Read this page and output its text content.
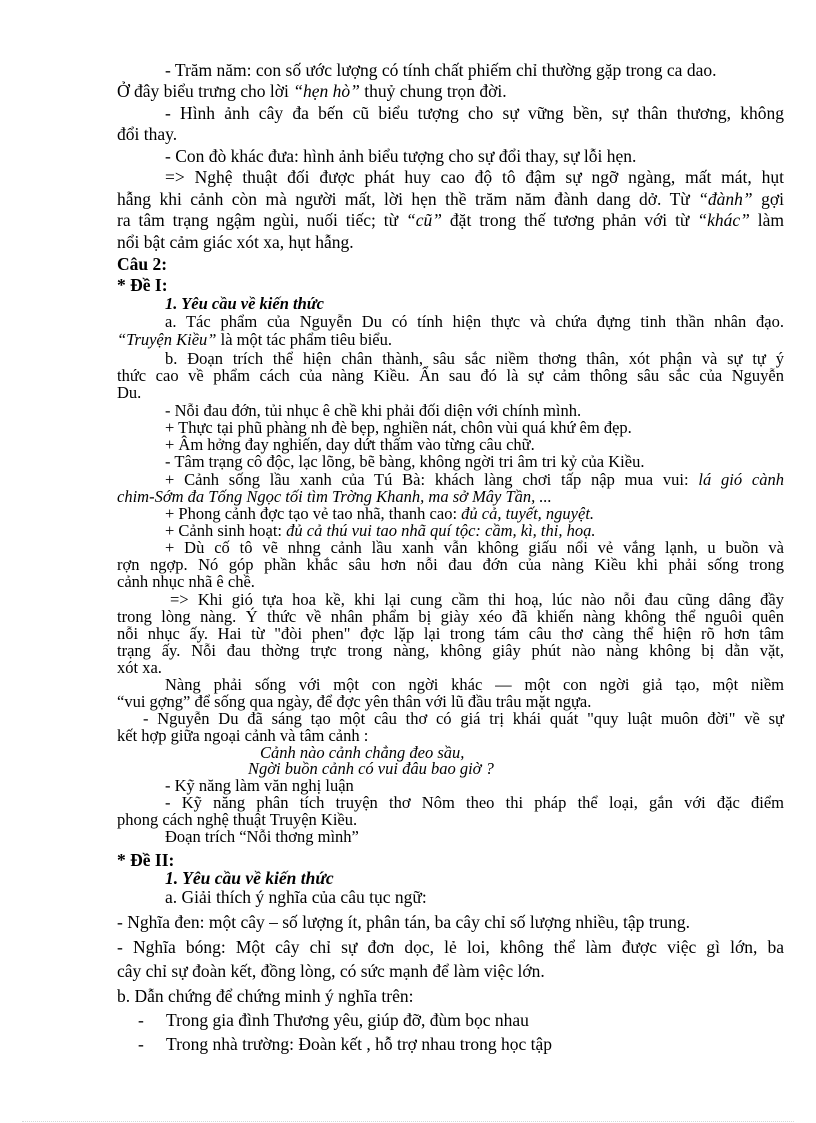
- Trăm năm: con số ước lượng có tính chất phiếm chỉ thường gặp trong ca dao.
Ở đây biểu trưng cho lời “hẹn hò” thuỷ chung trọn đời.
- Hình ảnh cây đa bến cũ biểu tượng cho sự vững bền, sự thân thương, không
đổi thay.
- Con đò khác đưa: hình ảnh biểu tượng cho sự đổi thay, sự lỗi hẹn.
=> Nghệ thuật đối được phát huy cao độ tô đậm sự ngỡ ngàng, mất mát, hụt
hẫng khi cảnh còn mà người mất, lời hẹn thề trăm năm đành dang dở. Từ “đành” gợi
ra tâm trạng ngậm ngùi, nuối tiếc; từ “cũ” đặt trong thế tương phản với từ “khác” làm
nổi bật cảm giác xót xa, hụt hẫng.
Câu 2:
* Đề I:
1. Yêu cầu về kiến thức
a. Tác phẩm của Nguyễn Du có tính hiện thực và chứa đựng tinh thần nhân đạo.
“Truyện Kiều” là một tác phẩm tiêu biểu.
b. Đoạn trích thể hiện chân thành, sâu sắc niềm thơng thân, xót phận và sự tự ý
thức cao về phẩm cách của nàng Kiều. Ẩn sau đó là sự cảm thông sâu sắc của Nguyễn
Du.
- Nỗi đau đớn, tủi nhục ê chề khi phải đối diện với chính mình.
+ Thực tại phũ phàng nh đè bẹp, nghiền nát, chôn vùi quá khứ êm đẹp.
+ Âm hởng đay nghiến, day dứt thấm vào từng câu chữ.
- Tâm trạng cô độc, lạc lõng, bẽ bàng, không ngời tri âm tri kỷ của Kiều.
+ Cảnh sống lầu xanh của Tú Bà: khách làng chơi tấp nập mua vui: lá gió cành
chim-Sớm đa Tống Ngọc tối tìm Trờng Khanh, ma sở Mây Tần, ...
+ Phong cảnh đợc tạo vẻ tao nhã, thanh cao: đủ cả, tuyết, nguyệt.
+ Cảnh sinh hoạt: đủ cả thú vui tao nhã quí tộc: cầm, kì, thi, hoạ.
+ Dù cố tô vẽ nhng cảnh lầu xanh vẫn không giấu nổi vẻ vắng lạnh, u buồn và
rợn ngợp. Nó góp phần khắc sâu hơn nỗi đau đớn của nàng Kiều khi phải sống trong
cảnh nhục nhã ê chề.
=> Khi gió tựa hoa kề, khi lại cung cầm thi hoạ, lúc nào nỗi đau cũng dâng đầy
trong lòng nàng. Ý thức về nhân phẩm bị giày xéo đã khiến nàng không thể nguôi quên
nỗi nhục ấy. Hai từ "đòi phen" đợc lặp lại trong tám câu thơ càng thể hiện rõ hơn tâm
trạng ấy. Nỗi đau thờng trực trong nàng, không giây phút nào nàng không bị dằn vặt,
xót xa.
Nàng phải sống với một con ngời khác — một con ngời giả tạo, một niềm
“vui gợng” để sống qua ngày, để đợc yên thân với lũ đầu trâu mặt ngựa.
- Nguyễn Du đã sáng tạo một câu thơ có giá trị khái quát "quy luật muôn đời" về sự
kết hợp giữa ngoại cảnh và tâm cảnh :
Cảnh nào cảnh chẳng đeo sầu,
Ngời buồn cảnh có vui đâu bao giờ ?
- Kỹ năng làm văn nghị luận
- Kỹ năng phân tích truyện thơ Nôm theo thi pháp thể loại, gắn với đặc điểm
phong cách nghệ thuật Truyện Kiều.
Đoạn trích “Nỗi thơng mình”
* Đề II:
1. Yêu cầu về kiến thức
a. Giải thích ý nghĩa của câu tục ngữ:
- Nghĩa đen: một cây – số lượng ít, phân tán, ba cây chỉ số lượng nhiều, tập trung.
- Nghĩa bóng: Một cây chỉ sự đơn dọc, lẻ loi, không thể làm được việc gì lớn, ba
cây chỉ sự đoàn kết, đồng lòng, có sức mạnh để làm việc lớn.
b. Dẫn chứng để chứng minh ý nghĩa trên:
- Trong gia đình Thương yêu, giúp đỡ, đùm bọc nhau
- Trong nhà trường: Đoàn kết , hỗ trợ nhau trong học tập
